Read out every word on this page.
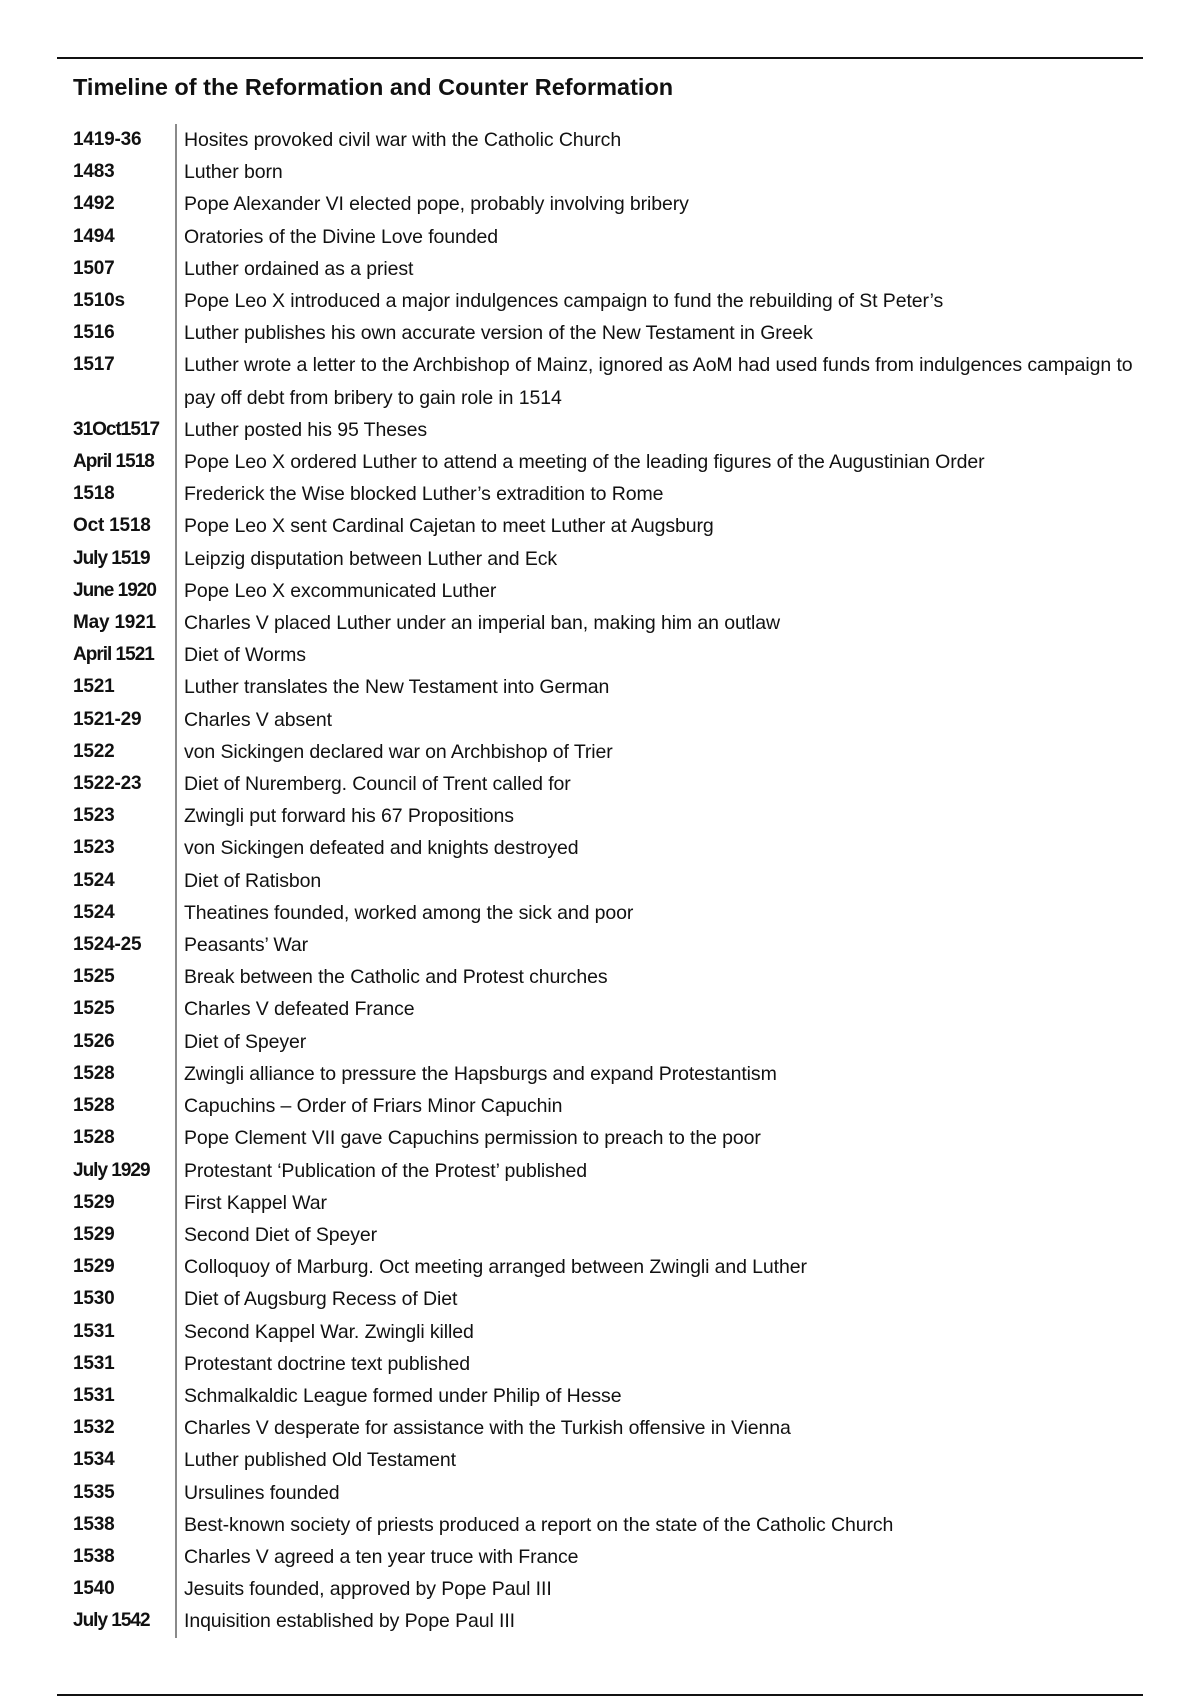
Timeline of the Reformation and Counter Reformation
1419-36	Hosites provoked civil war with the Catholic Church
1483	Luther born
1492	Pope Alexander VI elected pope, probably involving bribery
1494	Oratories of the Divine Love founded
1507	Luther ordained as a priest
1510s	Pope Leo X introduced a major indulgences campaign to fund the rebuilding of St Peter’s
1516	Luther publishes his own accurate version of the New Testament in Greek
1517	Luther wrote a letter to the Archbishop of Mainz, ignored as AoM had used funds from indulgences campaign to pay off debt from bribery to gain role in 1514
31Oct1517	Luther posted his 95 Theses
April 1518	Pope Leo X ordered Luther to attend a meeting of the leading figures of the Augustinian Order
1518	Frederick the Wise blocked Luther’s extradition to Rome
Oct 1518	Pope Leo X sent Cardinal Cajetan to meet Luther at Augsburg
July 1519	Leipzig disputation between Luther and Eck
June 1920	Pope Leo X excommunicated Luther
May 1921	Charles V placed Luther under an imperial ban, making him an outlaw
April 1521	Diet of Worms
1521	Luther translates the New Testament into German
1521-29	Charles V absent
1522	von Sickingen declared war on Archbishop of Trier
1522-23	Diet of Nuremberg. Council of Trent called for
1523	Zwingli put forward his 67 Propositions
1523	von Sickingen defeated and knights destroyed
1524	Diet of Ratisbon
1524	Theatines founded, worked among the sick and poor
1524-25	Peasants’ War
1525	Break between the Catholic and Protest churches
1525	Charles V defeated France
1526	Diet of Speyer
1528	Zwingli alliance to pressure the Hapsburgs and expand Protestantism
1528	Capuchins – Order of Friars Minor Capuchin
1528	Pope Clement VII gave Capuchins permission to preach to the poor
July 1929	Protestant ‘Publication of the Protest’ published
1529	First Kappel War
1529	Second Diet of Speyer
1529	Colloquoy of Marburg. Oct meeting arranged between Zwingli and Luther
1530	Diet of Augsburg Recess of Diet
1531	Second Kappel War. Zwingli killed
1531	Protestant doctrine text published
1531	Schmalkaldic League formed under Philip of Hesse
1532	Charles V desperate for assistance with the Turkish offensive in Vienna
1534	Luther published Old Testament
1535	Ursulines founded
1538	Best-known society of priests produced a report on the state of the Catholic Church
1538	Charles V agreed a ten year truce with France
1540	Jesuits founded, approved by Pope Paul III
July 1542	Inquisition established by Pope Paul III
